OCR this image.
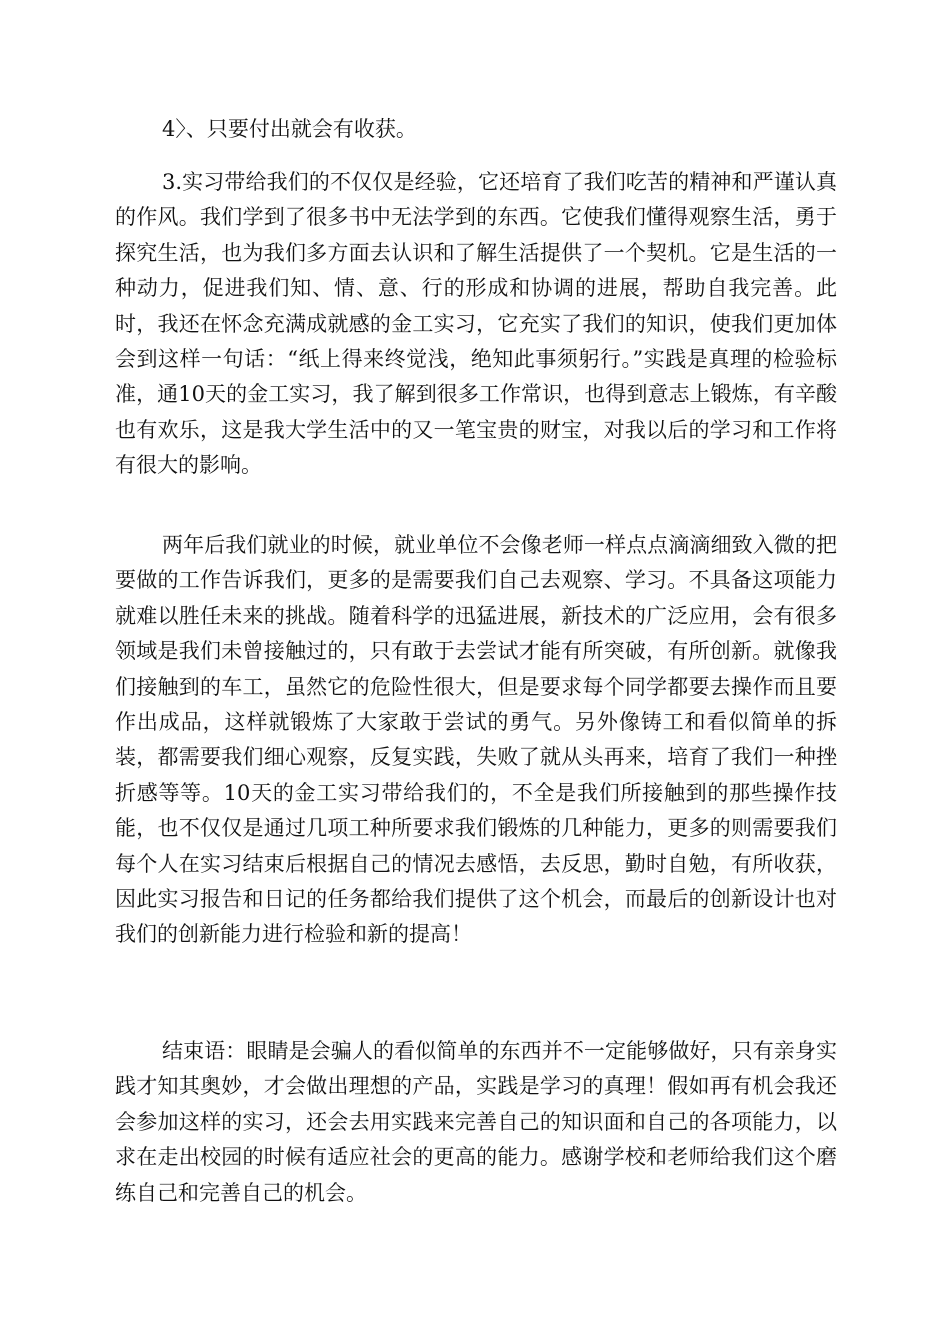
4〉、只要付出就会有收获。

3.实习带给我们的不仅仅是经验，它还培育了我们吃苦的精神和严谨认真的作风。我们学到了很多书中无法学到的东西。它使我们懂得观察生活，勇于探究生活，也为我们多方面去认识和了解生活提供了一个契机。它是生活的一种动力，促进我们知、情、意、行的形成和协调的进展，帮助自我完善。此时，我还在怀念充满成就感的金工实习，它充实了我们的知识，使我们更加体会到这样一句话：“纸上得来终觉浅，绝知此事须躬行。”实践是真理的检验标准，通10天的金工实习，我了解到很多工作常识，也得到意志上锻炼，有辛酸也有欢乐，这是我大学生活中的又一笔宝贵的财宝，对我以后的学习和工作将有很大的影响。

两年后我们就业的时候，就业单位不会像老师一样点点滴滴细致入微的把要做的工作告诉我们，更多的是需要我们自己去观察、学习。不具备这项能力就难以胜任未来的挑战。随着科学的迅猛进展，新技术的广泛应用，会有很多领域是我们未曾接触过的，只有敢于去尝试才能有所突破，有所创新。就像我们接触到的车工，虽然它的危险性很大，但是要求每个同学都要去操作而且要作出成品，这样就锻炼了大家敢于尝试的勇气。另外像铸工和看似简单的拆装，都需要我们细心观察，反复实践，失败了就从头再来，培育了我们一种挫折感等等。10天的金工实习带给我们的，不全是我们所接触到的那些操作技能，也不仅仅是通过几项工种所要求我们锻炼的几种能力，更多的则需要我们每个人在实习结束后根据自己的情况去感悟，去反思，勤时自勉，有所收获，因此实习报告和日记的任务都给我们提供了这个机会，而最后的创新设计也对我们的创新能力进行检验和新的提高！

结束语：眼睛是会骗人的看似简单的东西并不一定能够做好，只有亲身实践才知其奥妙，才会做出理想的产品，实践是学习的真理！假如再有机会我还会参加这样的实习，还会去用实践来完善自己的知识面和自己的各项能力，以求在走出校园的时候有适应社会的更高的能力。感谢学校和老师给我们这个磨练自己和完善自己的机会。
